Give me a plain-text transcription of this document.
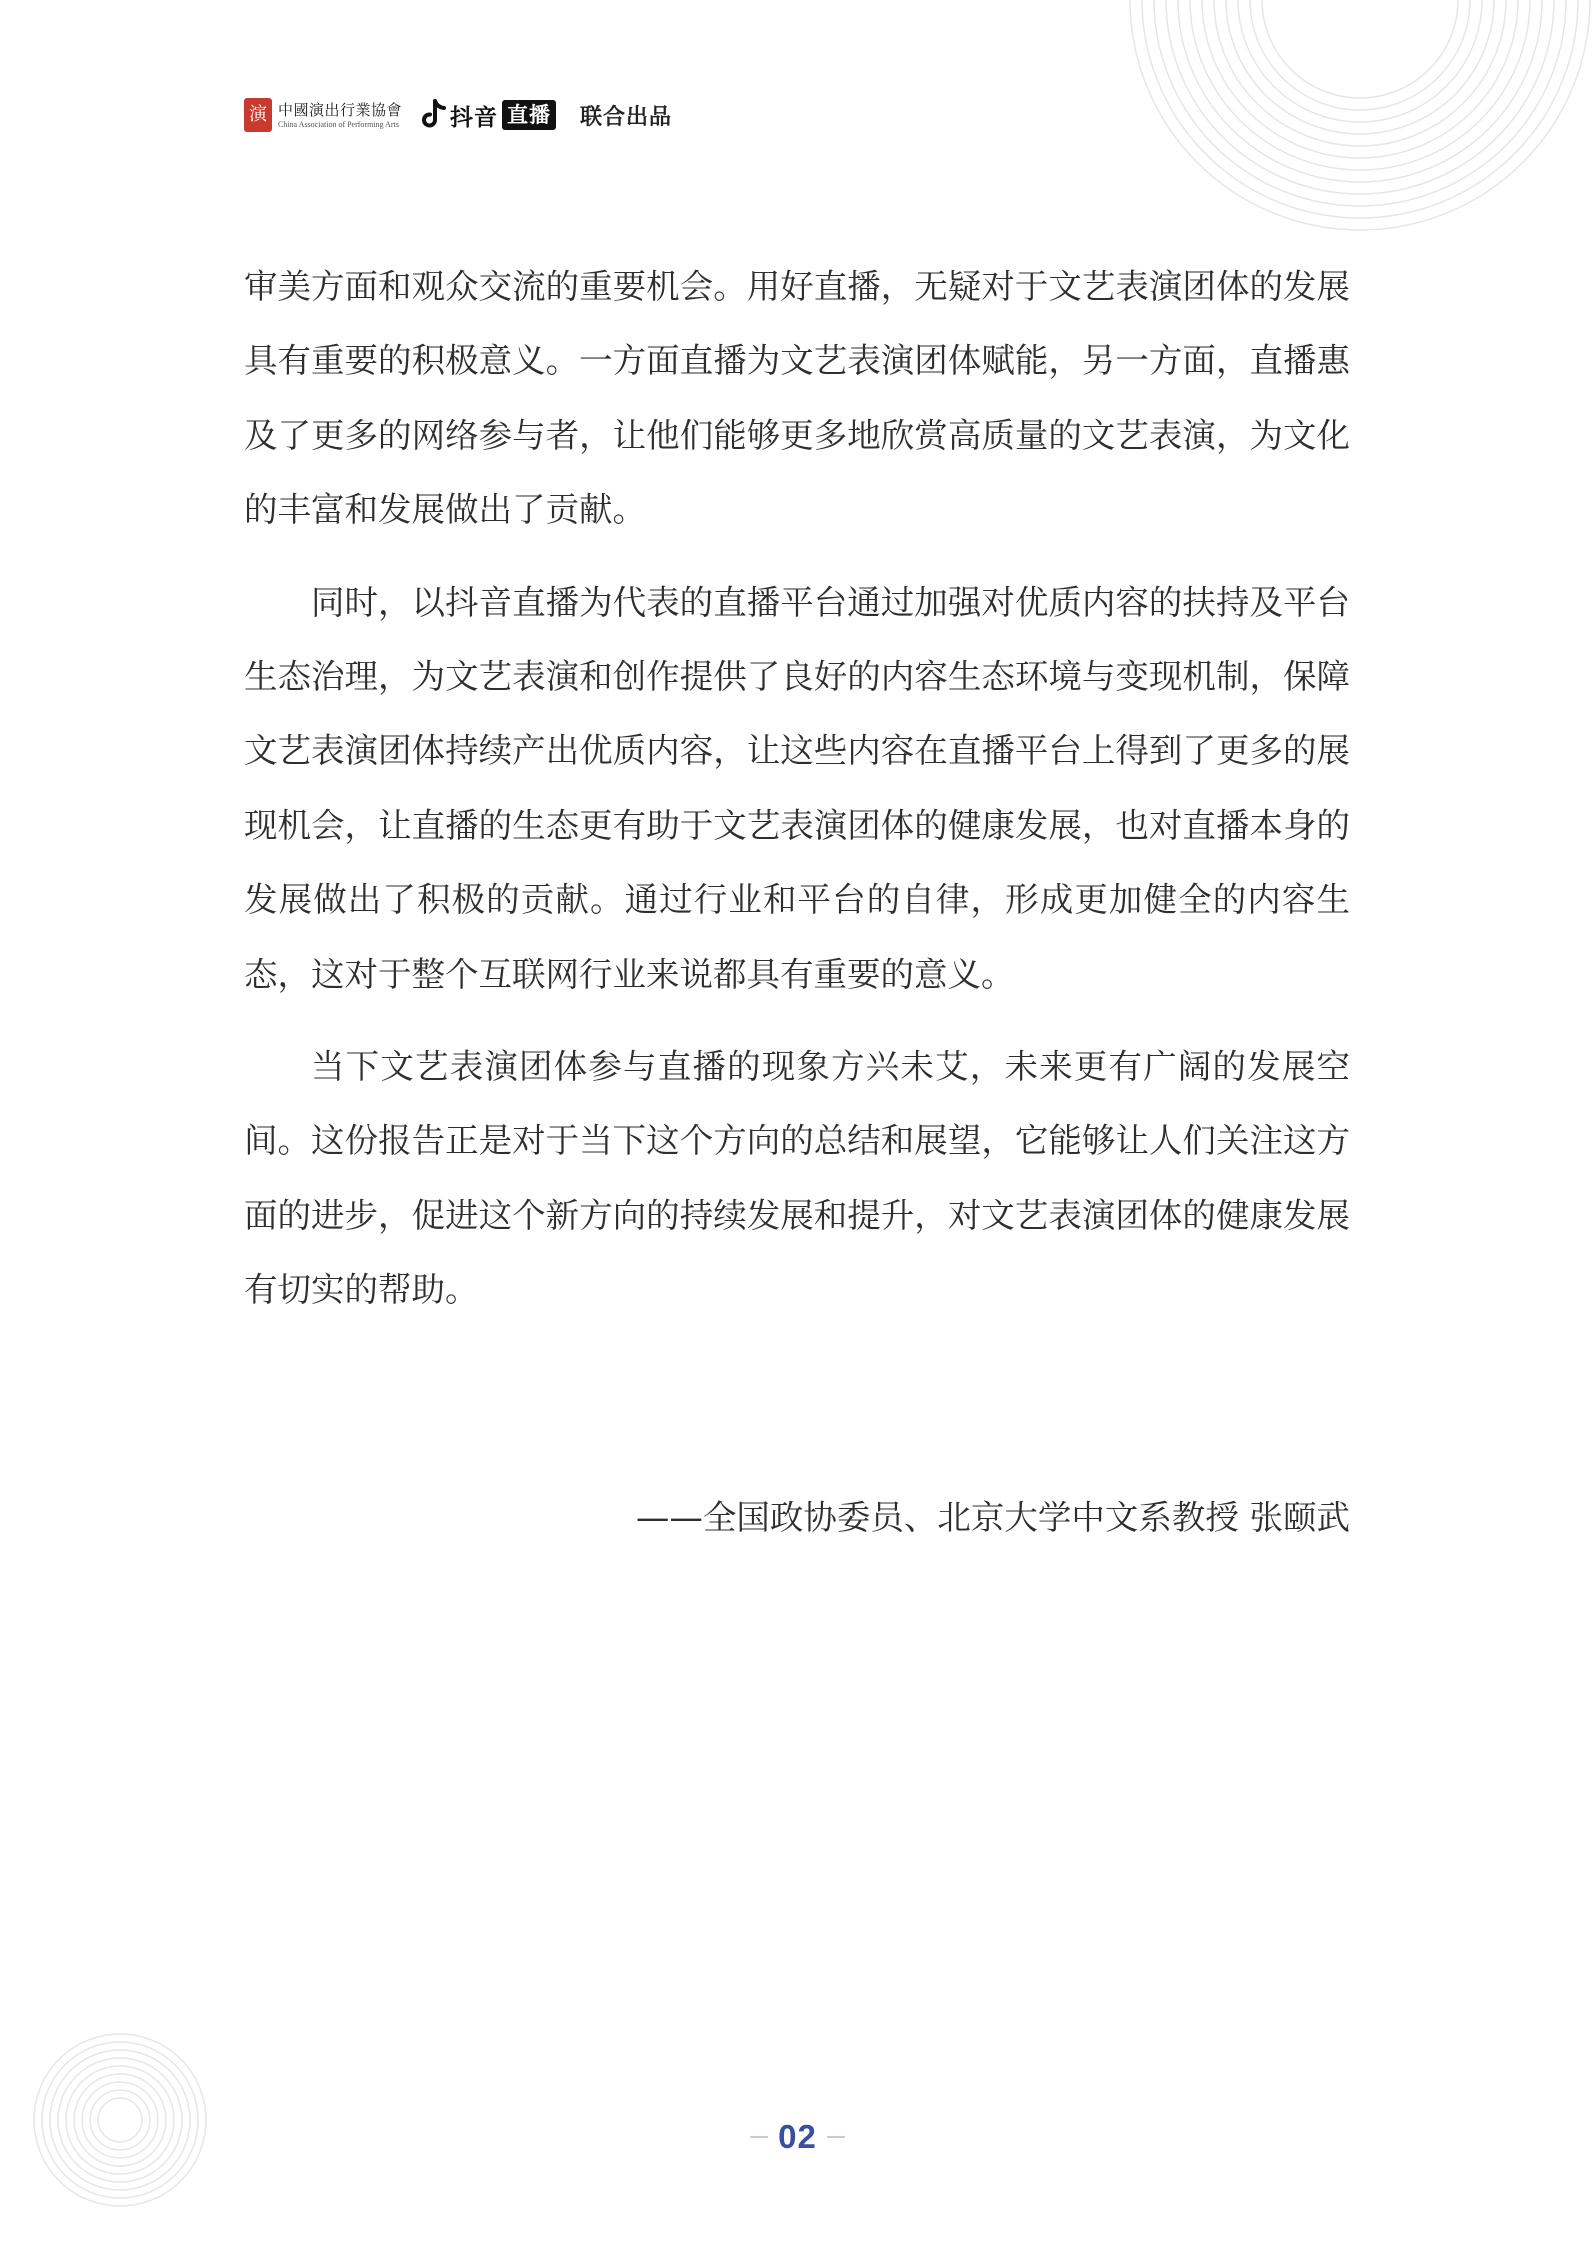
演 中國演出行業協會
China Association of Performing Arts 抖音 直播 联合出品

审美方面和观众交流的重要机会。用好直播，无疑对于文艺表演团体的发展具有重要的积极意义。一方面直播为文艺表演团体赋能，另一方面，直播惠及了更多的网络参与者，让他们能够更多地欣赏高质量的文艺表演，为文化的丰富和发展做出了贡献。

同时，以抖音直播为代表的直播平台通过加强对优质内容的扶持及平台生态治理，为文艺表演和创作提供了良好的内容生态环境与变现机制，保障文艺表演团体持续产出优质内容，让这些内容在直播平台上得到了更多的展现机会，让直播的生态更有助于文艺表演团体的健康发展，也对直播本身的发展做出了积极的贡献。通过行业和平台的自律，形成更加健全的内容生态，这对于整个互联网行业来说都具有重要的意义。

当下文艺表演团体参与直播的现象方兴未艾，未来更有广阔的发展空间。这份报告正是对于当下这个方向的总结和展望，它能够让人们关注这方面的进步，促进这个新方向的持续发展和提升，对文艺表演团体的健康发展有切实的帮助。

——全国政协委员、北京大学中文系教授 张颐武
02
